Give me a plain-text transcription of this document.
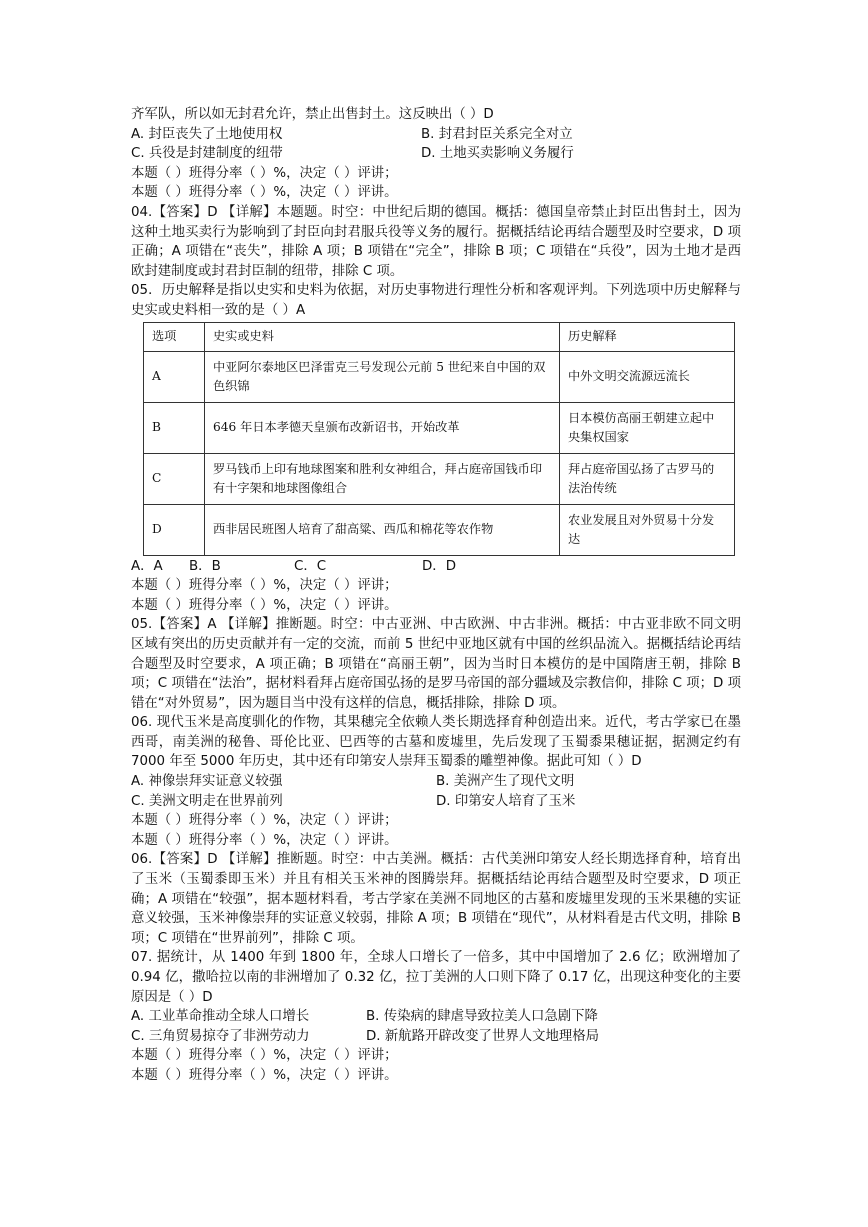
齐军队，所以如无封君允许，禁止出售封土。这反映出（ ）D
A. 封臣丧失了土地使用权	B. 封君封臣关系完全对立
C. 兵役是封建制度的纽带	D. 土地买卖影响义务履行
本题（ ）班得分率（ ）%，决定（ ）评讲；
本题（ ）班得分率（ ）%，决定（ ）评讲。
04.【答案】D 【详解】本题题。时空：中世纪后期的德国。概括：德国皇帝禁止封臣出售封土，因为这种土地买卖行为影响到了封臣向封君服兵役等义务的履行。据概括结论再结合题型及时空要求，D 项正确；A 项错在“丧失”，排除 A 项；B 项错在“完全”，排除 B 项；C 项错在“兵役”，因为土地才是西欧封建制度或封君封臣制的纽带，排除 C 项。
05．历史解释是指以史实和史料为依据，对历史事物进行理性分析和客观评判。下列选项中历史解释与史实或史料相一致的是（ ）A
选项	史实或史料	历史解释
A	中亚阿尔泰地区巴泽雷克三号发现公元前 5 世纪来自中国的双色织锦	中外文明交流源远流长
B	646 年日本孝德天皇颁布改新诏书，开始改革	日本模仿高丽王朝建立起中央集权国家
C	罗马钱币上印有地球图案和胜利女神组合，拜占庭帝国钱币印有十字架和地球图像组合	拜占庭帝国弘扬了古罗马的法治传统
D	西非居民班图人培育了甜高粱、西瓜和棉花等农作物	农业发展且对外贸易十分发达
A．A	B．B	C．C	D．D
本题（ ）班得分率（ ）%，决定（ ）评讲；
本题（ ）班得分率（ ）%，决定（ ）评讲。
05.【答案】A 【详解】推断题。时空：中古亚洲、中古欧洲、中古非洲。概括：中古亚非欧不同文明区域有突出的历史贡献并有一定的交流，而前 5 世纪中亚地区就有中国的丝织品流入。据概括结论再结合题型及时空要求，A 项正确；B 项错在“高丽王朝”，因为当时日本模仿的是中国隋唐王朝，排除 B 项；C 项错在“法治”，据材料看拜占庭帝国弘扬的是罗马帝国的部分疆域及宗教信仰，排除 C 项；D 项错在“对外贸易”，因为题目当中没有这样的信息，概括排除，排除 D 项。
06. 现代玉米是高度驯化的作物，其果穗完全依赖人类长期选择育种创造出来。近代，考古学家已在墨西哥，南美洲的秘鲁、哥伦比亚、巴西等的古墓和废墟里，先后发现了玉蜀黍果穗证据，据测定约有 7000 年至 5000 年历史，其中还有印第安人崇拜玉蜀黍的雕塑神像。据此可知（ ）D
A. 神像崇拜实证意义较强	B. 美洲产生了现代文明
C. 美洲文明走在世界前列	D. 印第安人培育了玉米
本题（ ）班得分率（ ）%，决定（ ）评讲；
本题（ ）班得分率（ ）%，决定（ ）评讲。
06.【答案】D 【详解】推断题。时空：中古美洲。概括：古代美洲印第安人经长期选择育种，培育出了玉米（玉蜀黍即玉米）并且有相关玉米神的图腾崇拜。据概括结论再结合题型及时空要求，D 项正确；A 项错在“较强”，据本题材料看，考古学家在美洲不同地区的古墓和废墟里发现的玉米果穗的实证意义较强，玉米神像崇拜的实证意义较弱，排除 A 项；B 项错在“现代”，从材料看是古代文明，排除 B 项；C 项错在“世界前列”，排除 C 项。
07. 据统计，从 1400 年到 1800 年，全球人口增长了一倍多，其中中国增加了 2.6 亿；欧洲增加了 0.94 亿，撒哈拉以南的非洲增加了 0.32 亿，拉丁美洲的人口则下降了 0.17 亿，出现这种变化的主要原因是（ ）D
A. 工业革命推动全球人口增长	B. 传染病的肆虐导致拉美人口急剧下降
C. 三角贸易掠夺了非洲劳动力	D. 新航路开辟改变了世界人文地理格局
本题（ ）班得分率（ ）%，决定（ ）评讲；
本题（ ）班得分率（ ）%，决定（ ）评讲。
